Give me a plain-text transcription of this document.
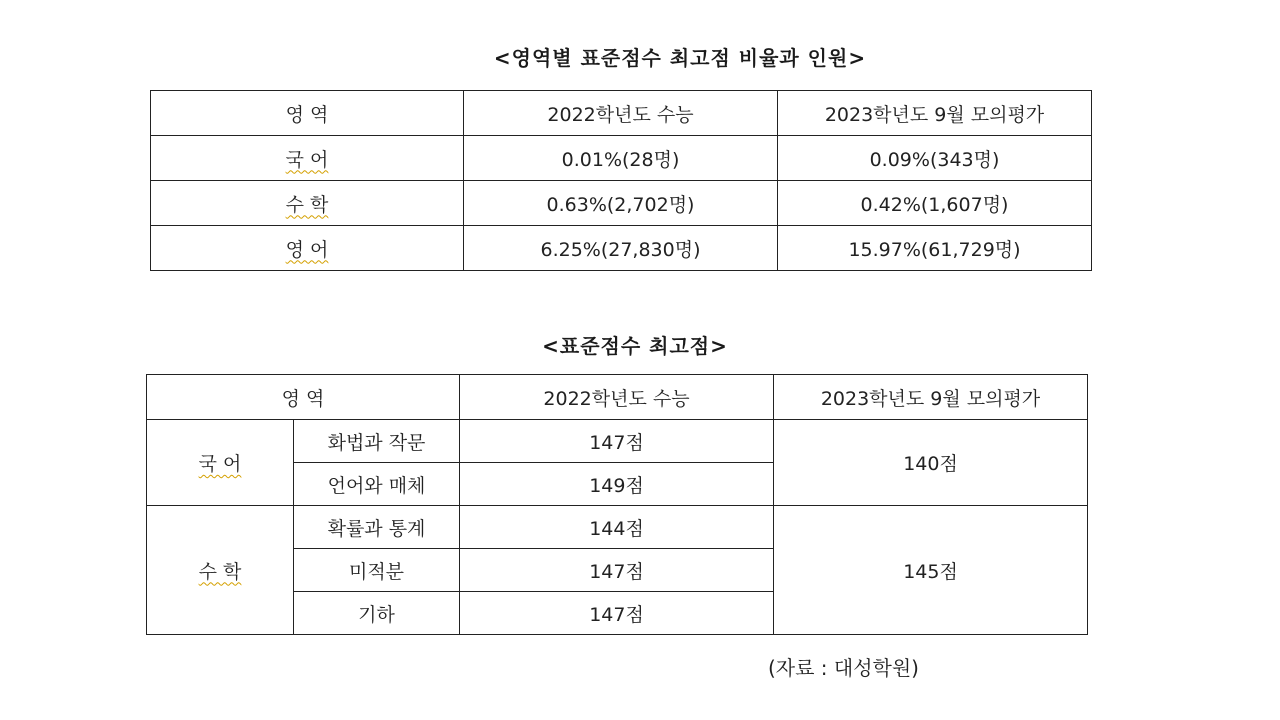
<영역별 표준점수 최고점 비율과 인원>
영 역	2022학년도 수능	2023학년도 9월 모의평가
국 어	0.01%(28명)	0.09%(343명)
수 학	0.63%(2,702명)	0.42%(1,607명)
영 어	6.25%(27,830명)	15.97%(61,729명)
<표준점수 최고점>
영 역		2022학년도 수능	2023학년도 9월 모의평가
국 어	화법과 작문	147점	140점
	언어와 매체	149점	
수 학	확률과 통계	144점	145점
	미적분	147점	
	기하	147점	
(자료 : 대성학원)
